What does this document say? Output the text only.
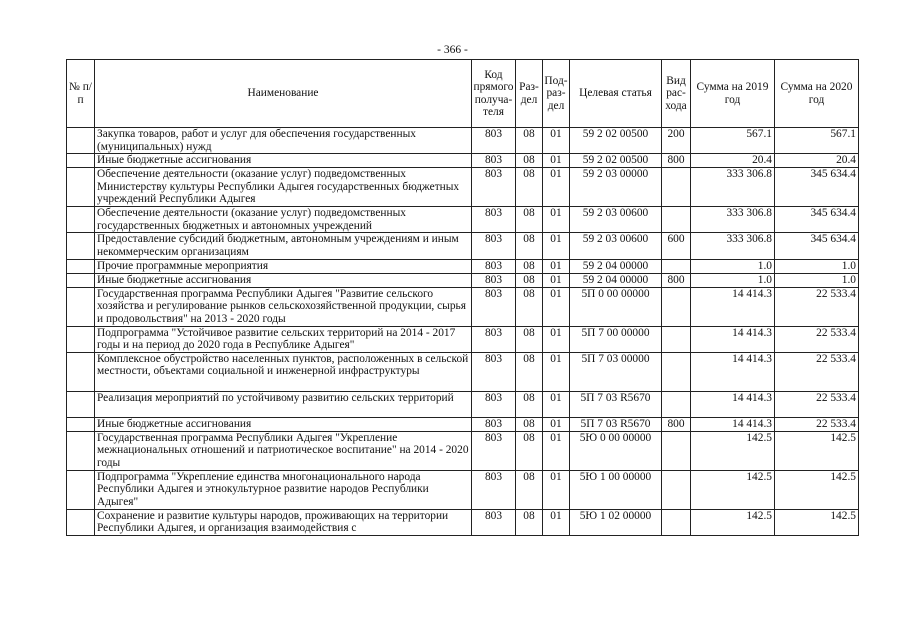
- 366 -
№ п/п	Наименование	Код прямого получа-теля	Раз-дел	Под-раз-дел	Целевая статья	Вид рас-хода	Сумма на 2019 год	Сумма на 2020 год
	Закупка товаров, работ и услуг для обеспечения государственных (муниципальных) нужд	803	08	01	59 2 02 00500	200	567.1	567.1
	Иные бюджетные ассигнования	803	08	01	59 2 02 00500	800	20.4	20.4
	Обеспечение деятельности (оказание услуг) подведомственных Министерству культуры Республики Адыгея государственных бюджетных учреждений Республики Адыгея	803	08	01	59 2 03 00000		333 306.8	345 634.4
	Обеспечение деятельности (оказание услуг) подведомственных государственных бюджетных и автономных учреждений	803	08	01	59 2 03 00600		333 306.8	345 634.4
	Предоставление субсидий бюджетным, автономным учреждениям и иным некоммерческим организациям	803	08	01	59 2 03 00600	600	333 306.8	345 634.4
	Прочие программные мероприятия	803	08	01	59 2 04 00000		1.0	1.0
	Иные бюджетные ассигнования	803	08	01	59 2 04 00000	800	1.0	1.0
	Государственная программа Республики Адыгея "Развитие сельского хозяйства и регулирование рынков сельскохозяйственной продукции, сырья и продовольствия" на 2013 - 2020 годы	803	08	01	5П 0 00 00000		14 414.3	22 533.4
	Подпрограмма "Устойчивое развитие сельских территорий на 2014 - 2017 годы и на период до 2020 года в Республике Адыгея"	803	08	01	5П 7 00 00000		14 414.3	22 533.4
	Комплексное обустройство населенных пунктов, расположенных в сельской местности, объектами социальной и инженерной инфраструктуры	803	08	01	5П 7 03 00000		14 414.3	22 533.4
	Реализация мероприятий по устойчивому развитию сельских территорий	803	08	01	5П 7 03 R5670		14 414.3	22 533.4
	Иные бюджетные ассигнования	803	08	01	5П 7 03 R5670	800	14 414.3	22 533.4
	Государственная программа Республики Адыгея "Укрепление межнациональных отношений и патриотическое воспитание" на 2014 - 2020 годы	803	08	01	5Ю 0 00 00000		142.5	142.5
	Подпрограмма "Укрепление единства многонационального народа Республики Адыгея и этнокультурное развитие народов Республики Адыгея"	803	08	01	5Ю 1 00 00000		142.5	142.5
	Сохранение и развитие культуры народов, проживающих на территории Республики Адыгея, и организация взаимодействия с	803	08	01	5Ю 1 02 00000		142.5	142.5
